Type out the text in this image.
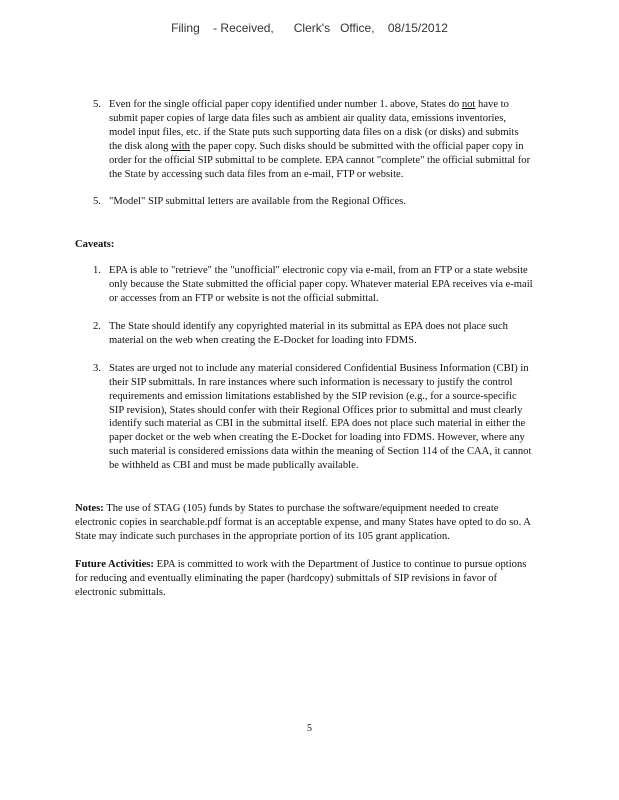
Filing    - Received,      Clerk's   Office,    08/15/2012
5. Even for the single official paper copy identified under number 1. above, States do not have to submit paper copies of large data files such as ambient air quality data, emissions inventories, model input files, etc. if the State puts such supporting data files on a disk (or disks) and submits the disk along with the paper copy. Such disks should be submitted with the official paper copy in order for the official SIP submittal to be complete. EPA cannot "complete" the official submittal for the State by accessing such data files from an e-mail, FTP or website.
5. "Model" SIP submittal letters are available from the Regional Offices.
Caveats:
1. EPA is able to "retrieve" the "unofficial" electronic copy via e-mail, from an FTP or a state website only because the State submitted the official paper copy. Whatever material EPA receives via e-mail or accesses from an FTP or website is not the official submittal.
2. The State should identify any copyrighted material in its submittal as EPA does not place such material on the web when creating the E-Docket for loading into FDMS.
3. States are urged not to include any material considered Confidential Business Information (CBI) in their SIP submittals. In rare instances where such information is necessary to justify the control requirements and emission limitations established by the SIP revision (e.g., for a source-specific SIP revision), States should confer with their Regional Offices prior to submittal and must clearly identify such material as CBI in the submittal itself. EPA does not place such material in either the paper docket or the web when creating the E-Docket for loading into FDMS. However, where any such material is considered emissions data within the meaning of Section 114 of the CAA, it cannot be withheld as CBI and must be made publically available.

Notes: The use of STAG (105) funds by States to purchase the software/equipment needed to create electronic copies in searchable.pdf format is an acceptable expense, and many States have opted to do so. A State may indicate such purchases in the appropriate portion of its 105 grant application.

Future Activities: EPA is committed to work with the Department of Justice to continue to pursue options for reducing and eventually eliminating the paper (hardcopy) submittals of SIP revisions in favor of electronic submittals.

5
